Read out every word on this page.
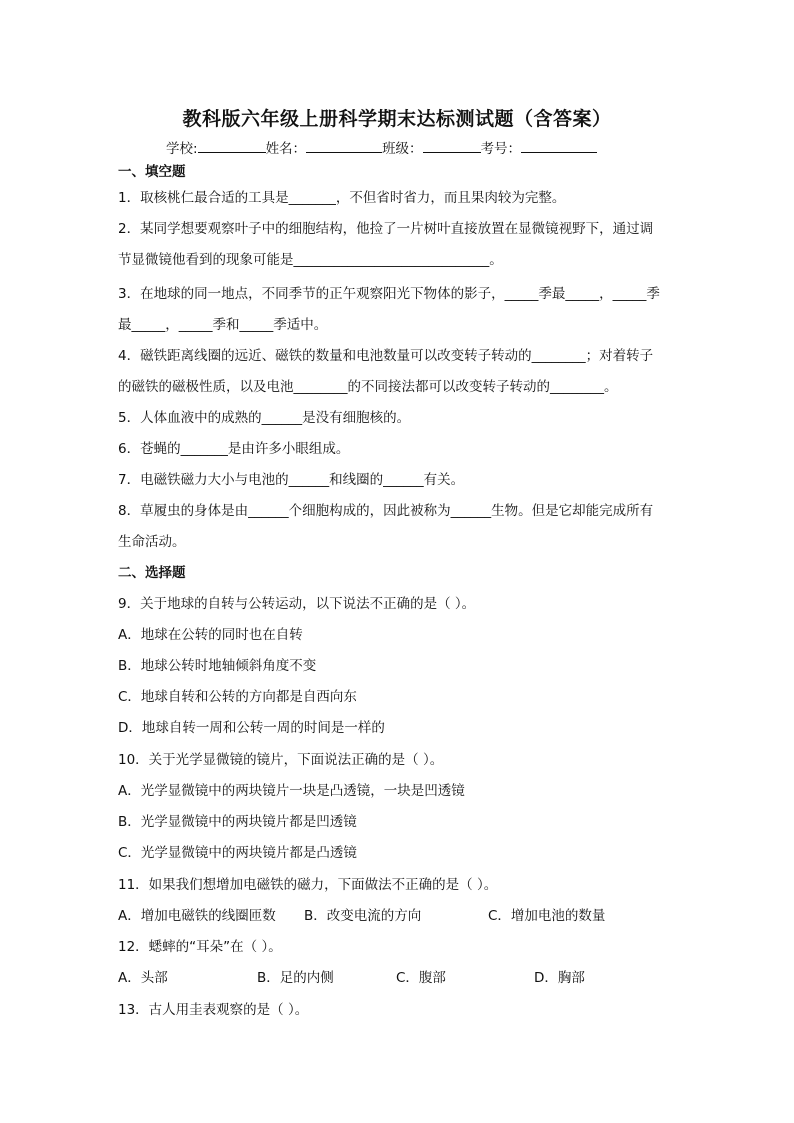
教科版六年级上册科学期末达标测试题（含答案）
学校:	姓名：	班级：	考号：
一、填空题
1．取核桃仁最合适的工具是_______，不但省时省力，而且果肉较为完整。
2．某同学想要观察叶子中的细胞结构，他捡了一片树叶直接放置在显微镜视野下，通过调
节显微镜他看到的现象可能是_____________________________。
3．在地球的同一地点，不同季节的正午观察阳光下物体的影子，_____季最_____，_____季
最_____，_____季和_____季适中。
4．磁铁距离线圈的远近、磁铁的数量和电池数量可以改变转子转动的________；对着转子
的磁铁的磁极性质，以及电池________的不同接法都可以改变转子转动的________。
5．人体血液中的成熟的______是没有细胞核的。
6．苍蝇的_______是由许多小眼组成。
7．电磁铁磁力大小与电池的______和线圈的______有关。
8．草履虫的身体是由______个细胞构成的，因此被称为______生物。但是它却能完成所有
生命活动。
二、选择题
9．关于地球的自转与公转运动，以下说法不正确的是（ ）。
A．地球在公转的同时也在自转
B．地球公转时地轴倾斜角度不变
C．地球自转和公转的方向都是自西向东
D．地球自转一周和公转一周的时间是一样的
10．关于光学显微镜的镜片，下面说法正确的是（ ）。
A．光学显微镜中的两块镜片一块是凸透镜，一块是凹透镜
B．光学显微镜中的两块镜片都是凹透镜
C．光学显微镜中的两块镜片都是凸透镜
11．如果我们想增加电磁铁的磁力，下面做法不正确的是（ ）。
A．增加电磁铁的线圈匝数 B．改变电流的方向	C．增加电池的数量
12．蟋蟀的“耳朵”在（ ）。
A．头部	B．足的内侧	C．腹部	D．胸部
13．古人用圭表观察的是（ ）。
